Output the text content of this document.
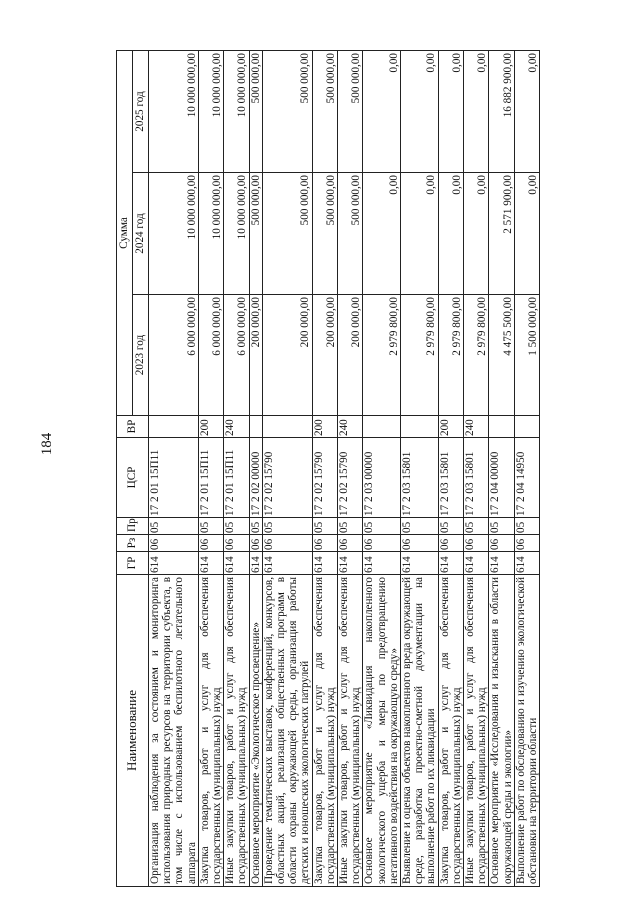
184
Наименование	ГР	Рз	Пр	ЦСР	ВР	Сумма		
						2023 год	2024 год	2025 год
Организация наблюдения за состоянием и мониторинга использования природных ресурсов на территории субъекта, в том числе с использованием беспилотного летательного аппарата	614	06	05	17 2 01 15П11		6 000 000,00	10 000 000,00	10 000 000,00
Закупка товаров, работ и услуг для обеспечения государственных (муниципальных) нужд	614	06	05	17 2 01 15П11	200	6 000 000,00	10 000 000,00	10 000 000,00
Иные закупки товаров, работ и услуг для обеспечения государственных (муниципальных) нужд	614	06	05	17 2 01 15П11	240	6 000 000,00	10 000 000,00	10 000 000,00
Основное мероприятие «Экологическое просвещение»	614	06	05	17 2 02 00000		200 000,00	500 000,00	500 000,00
Проведение тематических выставок, конференций, конкурсов, областных акций, реализация общественных программ в области охраны окружающей среды, организация работы детских и юношеских экологических патрулей	614	06	05	17 2 02 15790		200 000,00	500 000,00	500 000,00
Закупка товаров, работ и услуг для обеспечения государственных (муниципальных) нужд	614	06	05	17 2 02 15790	200	200 000,00	500 000,00	500 000,00
Иные закупки товаров, работ и услуг для обеспечения государственных (муниципальных) нужд	614	06	05	17 2 02 15790	240	200 000,00	500 000,00	500 000,00
Основное мероприятие «Ликвидация накопленного экологического ущерба и меры по предотвращению негативного воздействия на окружающую среду»	614	06	05	17 2 03 00000		2 979 800,00	0,00	0,00
Выявление и оценка объектов накопленного вреда окружающей среде, разработка проектно-сметной документации на выполнение работ по их ликвидации	614	06	05	17 2 03 15801		2 979 800,00	0,00	0,00
Закупка товаров, работ и услуг для обеспечения государственных (муниципальных) нужд	614	06	05	17 2 03 15801	200	2 979 800,00	0,00	0,00
Иные закупки товаров, работ и услуг для обеспечения государственных (муниципальных) нужд	614	06	05	17 2 03 15801	240	2 979 800,00	0,00	0,00
Основное мероприятие «Исследования и изыскания в области окружающей среды и экологии»	614	06	05	17 2 04 00000		4 475 500,00	2 571 900,00	16 882 900,00
Выполнение работ по обследованию и изучению экологической обстановки на территории области	614	06	05	17 2 04 14950		1 500 000,00	0,00	0,00
